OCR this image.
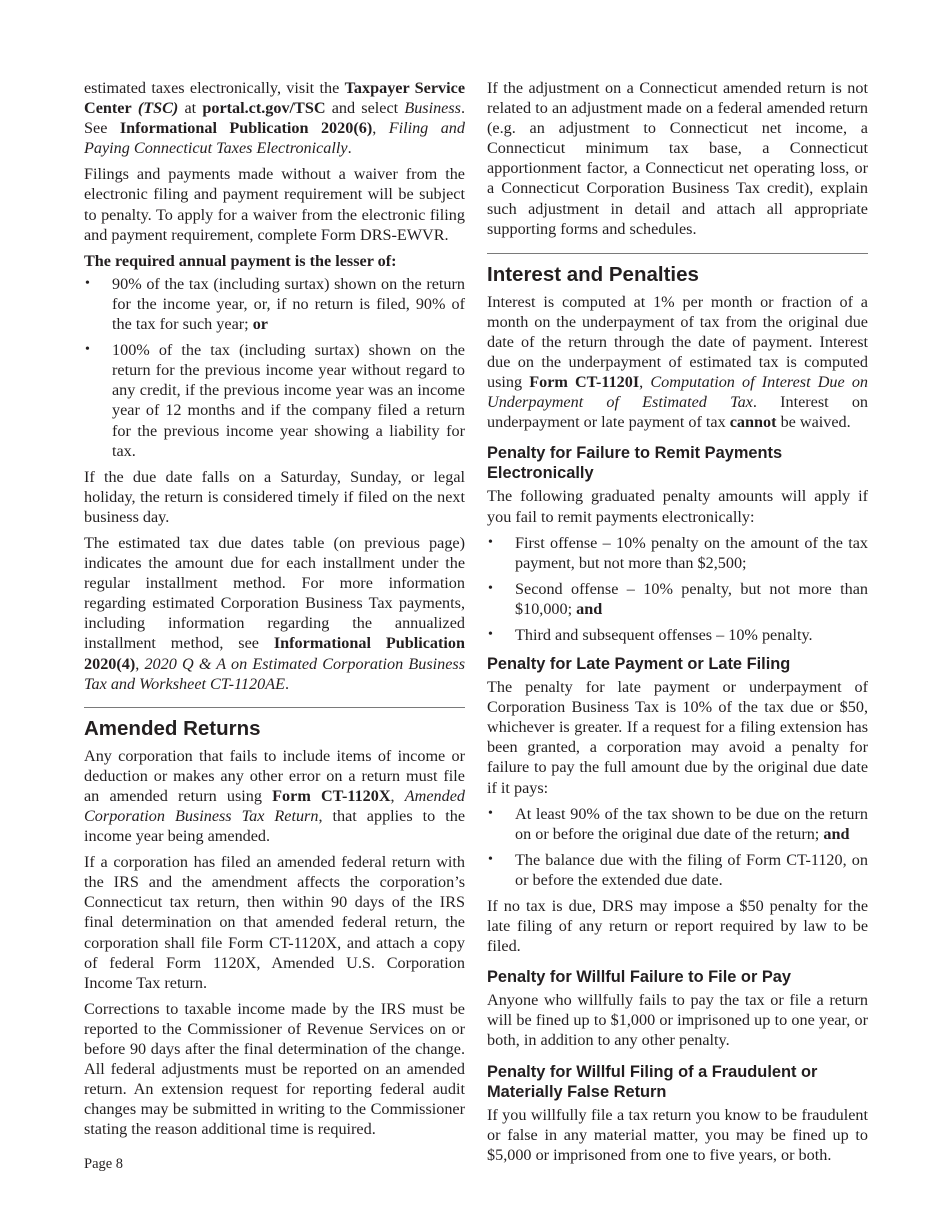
estimated taxes electronically, visit the Taxpayer Service Center (TSC) at portal.ct.gov/TSC and select Business. See Informational Publication 2020(6), Filing and Paying Connecticut Taxes Electronically.

Filings and payments made without a waiver from the electronic filing and payment requirement will be subject to penalty. To apply for a waiver from the electronic filing and payment requirement, complete Form DRS-EWVR.

The required annual payment is the lesser of:

• 90% of the tax (including surtax) shown on the return for the income year, or, if no return is filed, 90% of the tax for such year; or
• 100% of the tax (including surtax) shown on the return for the previous income year without regard to any credit, if the previous income year was an income year of 12 months and if the company filed a return for the previous income year showing a liability for tax.

If the due date falls on a Saturday, Sunday, or legal holiday, the return is considered timely if filed on the next business day.

The estimated tax due dates table (on previous page) indicates the amount due for each installment under the regular installment method. For more information regarding estimated Corporation Business Tax payments, including information regarding the annualized installment method, see Informational Publication 2020(4), 2020 Q & A on Estimated Corporation Business Tax and Worksheet CT-1120AE.

Amended Returns

Any corporation that fails to include items of income or deduction or makes any other error on a return must file an amended return using Form CT-1120X, Amended Corporation Business Tax Return, that applies to the income year being amended.

If a corporation has filed an amended federal return with the IRS and the amendment affects the corporation’s Connecticut tax return, then within 90 days of the IRS final determination on that amended federal return, the corporation shall file Form CT-1120X, and attach a copy of federal Form 1120X, Amended U.S. Corporation Income Tax return.

Corrections to taxable income made by the IRS must be reported to the Commissioner of Revenue Services on or before 90 days after the final determination of the change. All federal adjustments must be reported on an amended return. An extension request for reporting federal audit changes may be submitted in writing to the Commissioner stating the reason additional time is required.

If the adjustment on a Connecticut amended return is not related to an adjustment made on a federal amended return (e.g. an adjustment to Connecticut net income, a Connecticut minimum tax base, a Connecticut apportionment factor, a Connecticut net operating loss, or a Connecticut Corporation Business Tax credit), explain such adjustment in detail and attach all appropriate supporting forms and schedules.

Interest and Penalties

Interest is computed at 1% per month or fraction of a month on the underpayment of tax from the original due date of the return through the date of payment. Interest due on the underpayment of estimated tax is computed using Form CT-1120I, Computation of Interest Due on Underpayment of Estimated Tax. Interest on underpayment or late payment of tax cannot be waived.

Penalty for Failure to Remit Payments Electronically

The following graduated penalty amounts will apply if you fail to remit payments electronically:

• First offense – 10% penalty on the amount of the tax payment, but not more than $2,500;
• Second offense – 10% penalty, but not more than $10,000; and
• Third and subsequent offenses – 10% penalty.
Penalty for Late Payment or Late Filing

The penalty for late payment or underpayment of Corporation Business Tax is 10% of the tax due or $50, whichever is greater. If a request for a filing extension has been granted, a corporation may avoid a penalty for failure to pay the full amount due by the original due date if it pays:

• At least 90% of the tax shown to be due on the return on or before the original due date of the return; and
• The balance due with the filing of Form CT-1120, on or before the extended due date.

If no tax is due, DRS may impose a $50 penalty for the late filing of any return or report required by law to be filed.

Penalty for Willful Failure to File or Pay

Anyone who willfully fails to pay the tax or file a return will be fined up to $1,000 or imprisoned up to one year, or both, in addition to any other penalty.

Penalty for Willful Filing of a Fraudulent or Materially False Return

If you willfully file a tax return you know to be fraudulent or false in any material matter, you may be fined up to $5,000 or imprisoned from one to five years, or both.

Page 8
